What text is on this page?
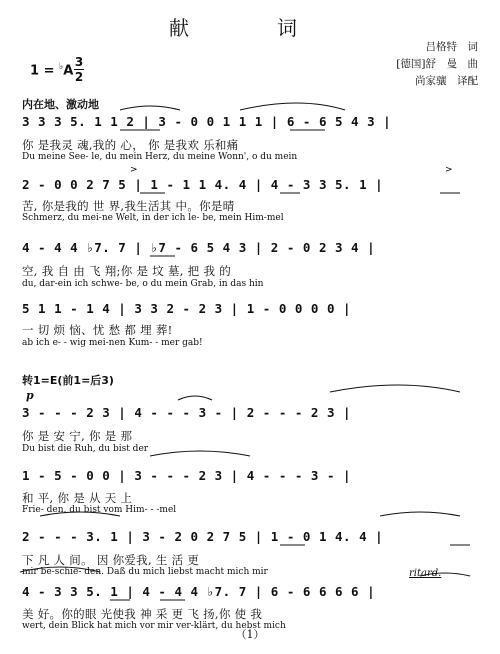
献　词
吕格特　词
[德国]舒　曼　曲
尚家骧　译配
1 = ♭A
3
2
内在地、激动地
3 3 3 5. 1 1 2 | 3 - 0 0 1 1 1 | 6 - 6 5 4 3 |
你 是我灵 魂,我的 心， 你 是我欢 乐和痛
Du meine See- le, du mein Herz, du meine Wonn', o du mein
2 - 0 0 2 7 5 | 1 - 1 1 4. 4 | 4 - 3 3 5. 1 |
苦, 你是我的 世 界,我生活其 中。你是晴
Schmerz, du mei-ne Welt, in der ich le- be, mein Him-mel
4 - 4 4 ♭7. 7 | ♭7 - 6 5 4 3 | 2 - 0 2 3 4 |
空, 我 自 由 飞 翔;你 是 坟 墓, 把 我 的
du, dar-ein ich schwe- be, o du mein Grab, in das hin
5 1 1 - 1 4 | 3 3 2 - 2 3 | 1 - 0 0 0 0 |
一 切 烦 恼、忧 愁 都 埋 葬!
ab ich e- - wig mei-nen Kum- - mer gab!
转1=E(前1=后3)
p
3 - - - 2 3 | 4 - - - 3 - | 2 - - - 2 3 |
你 是 安 宁, 你 是 那
Du bist die Ruh, du bist der
1 - 5 - 0 0 | 3 - - - 2 3 | 4 - - - 3 - |
和 平, 你 是 从 天 上
Frie- den, du bist vom Him- - -mel
2 - - - 3. 1 | 3 - 2 0 2 7 5 | 1 - 0 1 4. 4 |
下 凡 人 间。 因 你爱我, 生 活 更
mir be-schie- den. Daß du mich liebst macht mich mir	ritard.
4 - 3 3 5. 1 | 4 - 4 4 ♭7. 7 | 6 - 6 6 6 6 |
美 好。你的眼 光使我 神 采 更 飞 扬,你 使 我
wert, dein Blick hat mich vor mir ver-klärt, du hebst mich
（1）
>	>
